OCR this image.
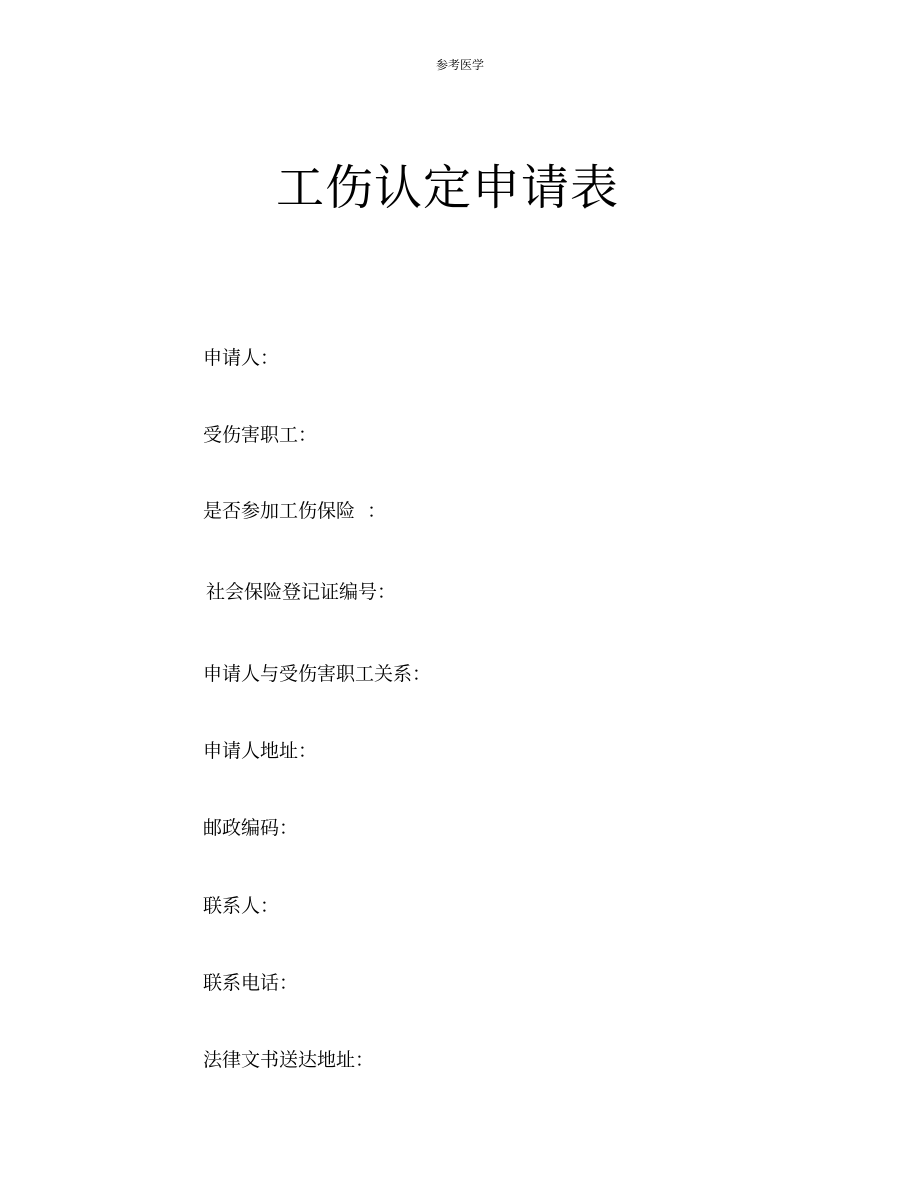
参考医学
工伤认定申请表
申请人：
受伤害职工：
是否参加工伤保险  ：
社会保险登记证编号：
申请人与受伤害职工关系：
申请人地址：
邮政编码：
联系人：
联系电话：
法律文书送达地址：
